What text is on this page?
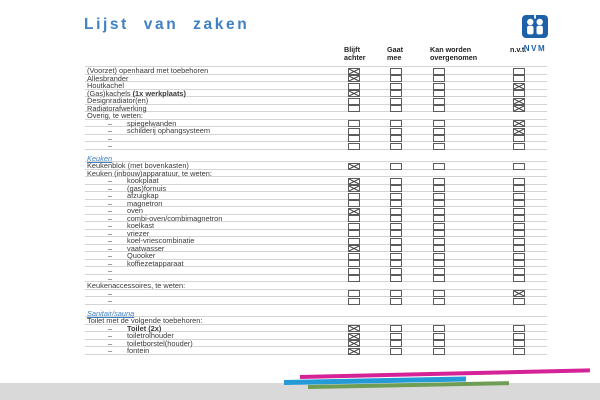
Lijst van zaken
NVM
Blijft
achter
Gaat
mee
Kan worden
overgenomen
n.v.t.
(Voorzet) openhaard met toebehoren
Allesbrander
Houtkachel
(Gas)kachels (1x werkplaats)
Designradiator(en)
Radiatorafwerking
Overig, te weten:
– spiegelwanden
– schilderij ophangsysteem
–
–
Keuken
Keukenblok (met bovenkasten)
Keuken (inbouw)apparatuur, te weten:
– kookplaat
– (gas)fornuis
– afzuigkap
– magnetron
– oven
– combi-oven/combimagnetron
– koelkast
– vriezer
– koel-vriescombinatie
– vaatwasser
– Quooker
– koffiezetapparaat
–
–
Keukenaccessoires, te weten:
–
–
Sanitair/sauna
Toilet met de volgende toebehoren:
– Toilet (2x)
– toiletrolhouder
– toiletborstel(houder)
– fontein
